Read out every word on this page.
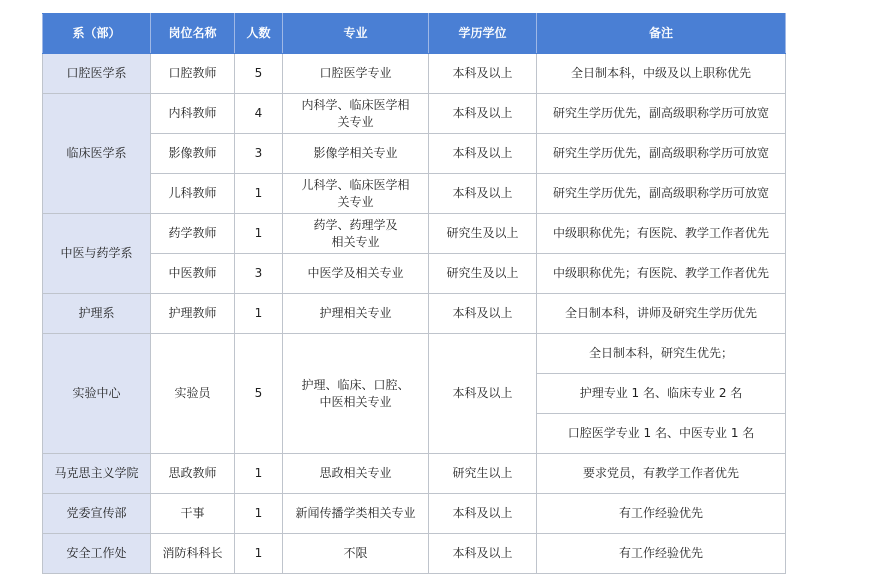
系（部）	岗位名称	人数	专业	学历学位	备注
口腔医学系	口腔教师	5	口腔医学专业	本科及以上	全日制本科，中级及以上职称优先
临床医学系	内科教师	4	内科学、临床医学相关专业	本科及以上	研究生学历优先，副高级职称学历可放宽
	影像教师	3	影像学相关专业	本科及以上	研究生学历优先，副高级职称学历可放宽
	儿科教师	1	儿科学、临床医学相关专业	本科及以上	研究生学历优先，副高级职称学历可放宽
中医与药学系	药学教师	1	药学、药理学及相关专业	研究生及以上	中级职称优先；有医院、教学工作者优先
	中医教师	3	中医学及相关专业	研究生及以上	中级职称优先；有医院、教学工作者优先
护理系	护理教师	1	护理相关专业	本科及以上	全日制本科，讲师及研究生学历优先
实验中心	实验员	5	护理、临床、口腔、中医相关专业	本科及以上	全日制本科，研究生优先；
					护理专业 1 名、临床专业 2 名
					口腔医学专业 1 名、中医专业 1 名
马克思主义学院	思政教师	1	思政相关专业	研究生以上	要求党员，有教学工作者优先
党委宣传部	干事	1	新闻传播学类相关专业	本科及以上	有工作经验优先
安全工作处	消防科科长	1	不限	本科及以上	有工作经验优先
